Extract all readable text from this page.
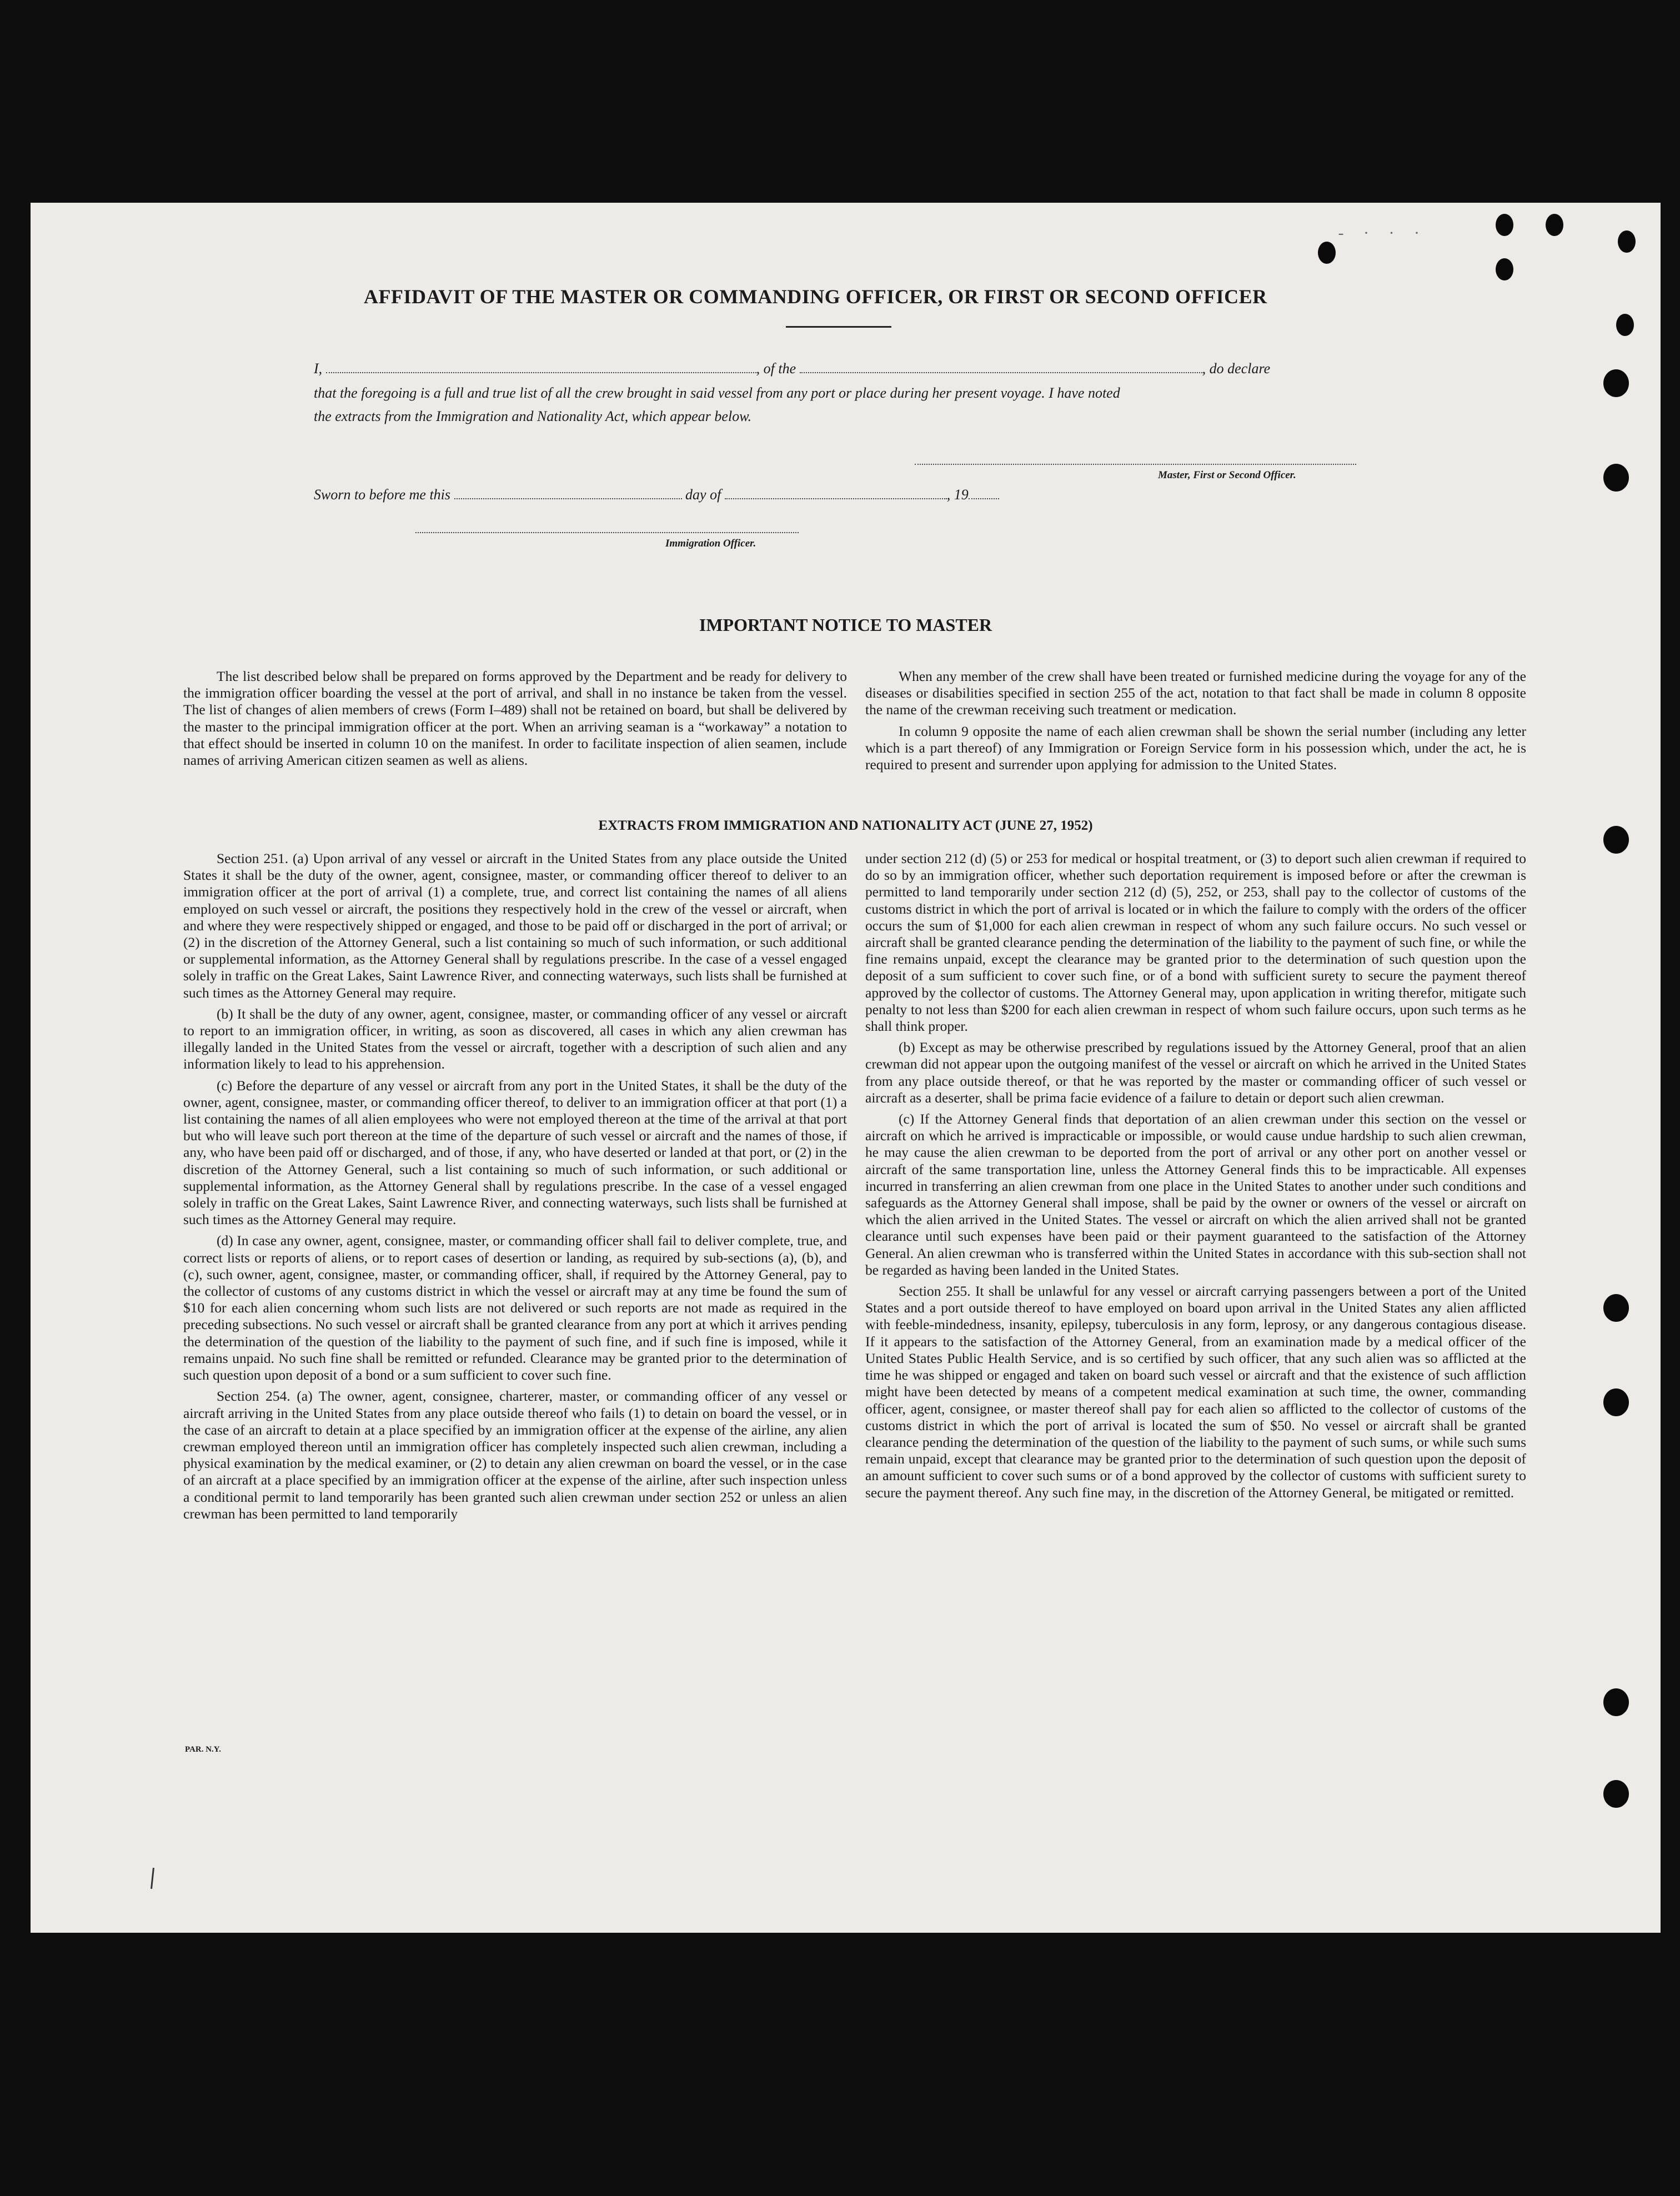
- · · ·
AFFIDAVIT OF THE MASTER OR COMMANDING OFFICER, OR FIRST OR SECOND OFFICER
I,	, of the	, do declare
that the foregoing is a full and true list of all the crew brought in said vessel from any port or place during her present voyage. I have noted
the extracts from the Immigration and Nationality Act, which appear below.
Master, First or Second Officer.
Sworn to before me this	day of	, 19
Immigration Officer.
IMPORTANT NOTICE TO MASTER

The list described below shall be prepared on forms approved by the Department and be ready for delivery to the immigration officer boarding the vessel at the port of arrival, and shall in no instance be taken from the vessel. The list of changes of alien members of crews (Form I–489) shall not be retained on board, but shall be delivered by the master to the principal immigration officer at the port. When an arriving seaman is a “workaway” a notation to that effect should be inserted in column 10 on the manifest. In order to facilitate inspection of alien seamen, include names of arriving American citizen seamen as well as aliens.

When any member of the crew shall have been treated or furnished medicine during the voyage for any of the diseases or disabilities specified in section 255 of the act, notation to that fact shall be made in column 8 opposite the name of the crewman receiving such treatment or medication.

In column 9 opposite the name of each alien crewman shall be shown the serial number (including any letter which is a part thereof) of any Immigration or Foreign Service form in his possession which, under the act, he is required to present and surrender upon applying for admission to the United States.

EXTRACTS FROM IMMIGRATION AND NATIONALITY ACT (JUNE 27, 1952)

Section 251. (a) Upon arrival of any vessel or aircraft in the United States from any place outside the United States it shall be the duty of the owner, agent, consignee, master, or commanding officer thereof to deliver to an immigration officer at the port of arrival (1) a complete, true, and correct list containing the names of all aliens employed on such vessel or aircraft, the positions they respectively hold in the crew of the vessel or aircraft, when and where they were respectively shipped or engaged, and those to be paid off or discharged in the port of arrival; or (2) in the discretion of the Attorney General, such a list containing so much of such information, or such additional or supplemental information, as the Attorney General shall by regulations prescribe. In the case of a vessel engaged solely in traffic on the Great Lakes, Saint Lawrence River, and connecting waterways, such lists shall be furnished at such times as the Attorney General may require.

(b) It shall be the duty of any owner, agent, consignee, master, or commanding officer of any vessel or aircraft to report to an immigration officer, in writing, as soon as discovered, all cases in which any alien crewman has illegally landed in the United States from the vessel or aircraft, together with a description of such alien and any information likely to lead to his apprehension.

(c) Before the departure of any vessel or aircraft from any port in the United States, it shall be the duty of the owner, agent, consignee, master, or commanding officer thereof, to deliver to an immigration officer at that port (1) a list containing the names of all alien employees who were not employed thereon at the time of the arrival at that port but who will leave such port thereon at the time of the departure of such vessel or aircraft and the names of those, if any, who have been paid off or discharged, and of those, if any, who have deserted or landed at that port, or (2) in the discretion of the Attorney General, such a list containing so much of such information, or such additional or supplemental information, as the Attorney General shall by regulations prescribe. In the case of a vessel engaged solely in traffic on the Great Lakes, Saint Lawrence River, and connecting waterways, such lists shall be furnished at such times as the Attorney General may require.

(d) In case any owner, agent, consignee, master, or commanding officer shall fail to deliver complete, true, and correct lists or reports of aliens, or to report cases of desertion or landing, as required by sub-sections (a), (b), and (c), such owner, agent, consignee, master, or commanding officer, shall, if required by the Attorney General, pay to the collector of customs of any customs district in which the vessel or aircraft may at any time be found the sum of $10 for each alien concerning whom such lists are not delivered or such reports are not made as required in the preceding subsections. No such vessel or aircraft shall be granted clearance from any port at which it arrives pending the determination of the question of the liability to the payment of such fine, and if such fine is imposed, while it remains unpaid. No such fine shall be remitted or refunded. Clearance may be granted prior to the determination of such question upon deposit of a bond or a sum sufficient to cover such fine.

Section 254. (a) The owner, agent, consignee, charterer, master, or commanding officer of any vessel or aircraft arriving in the United States from any place outside thereof who fails (1) to detain on board the vessel, or in the case of an aircraft to detain at a place specified by an immigration officer at the expense of the airline, any alien crewman employed thereon until an immigration officer has completely inspected such alien crewman, including a physical examination by the medical examiner, or (2) to detain any alien crewman on board the vessel, or in the case of an aircraft at a place specified by an immigration officer at the expense of the airline, after such inspection unless a conditional permit to land temporarily has been granted such alien crewman under section 252 or unless an alien crewman has been permitted to land temporarily

under section 212 (d) (5) or 253 for medical or hospital treatment, or (3) to deport such alien crewman if required to do so by an immigration officer, whether such deportation requirement is imposed before or after the crewman is permitted to land temporarily under section 212 (d) (5), 252, or 253, shall pay to the collector of customs of the customs district in which the port of arrival is located or in which the failure to comply with the orders of the officer occurs the sum of $1,000 for each alien crewman in respect of whom any such failure occurs. No such vessel or aircraft shall be granted clearance pending the determination of the liability to the payment of such fine, or while the fine remains unpaid, except the clearance may be granted prior to the determination of such question upon the deposit of a sum sufficient to cover such fine, or of a bond with sufficient surety to secure the payment thereof approved by the collector of customs. The Attorney General may, upon application in writing therefor, mitigate such penalty to not less than $200 for each alien crewman in respect of whom such failure occurs, upon such terms as he shall think proper.

(b) Except as may be otherwise prescribed by regulations issued by the Attorney General, proof that an alien crewman did not appear upon the outgoing manifest of the vessel or aircraft on which he arrived in the United States from any place outside thereof, or that he was reported by the master or commanding officer of such vessel or aircraft as a deserter, shall be prima facie evidence of a failure to detain or deport such alien crewman.

(c) If the Attorney General finds that deportation of an alien crewman under this section on the vessel or aircraft on which he arrived is impracticable or impossible, or would cause undue hardship to such alien crewman, he may cause the alien crewman to be deported from the port of arrival or any other port on another vessel or aircraft of the same transportation line, unless the Attorney General finds this to be impracticable. All expenses incurred in transferring an alien crewman from one place in the United States to another under such conditions and safeguards as the Attorney General shall impose, shall be paid by the owner or owners of the vessel or aircraft on which the alien arrived in the United States. The vessel or aircraft on which the alien arrived shall not be granted clearance until such expenses have been paid or their payment guaranteed to the satisfaction of the Attorney General. An alien crewman who is transferred within the United States in accordance with this sub-section shall not be regarded as having been landed in the United States.

Section 255. It shall be unlawful for any vessel or aircraft carrying passengers between a port of the United States and a port outside thereof to have employed on board upon arrival in the United States any alien afflicted with feeble-mindedness, insanity, epilepsy, tuberculosis in any form, leprosy, or any dangerous contagious disease. If it appears to the satisfaction of the Attorney General, from an examination made by a medical officer of the United States Public Health Service, and is so certified by such officer, that any such alien was so afflicted at the time he was shipped or engaged and taken on board such vessel or aircraft and that the existence of such affliction might have been detected by means of a competent medical examination at such time, the owner, commanding officer, agent, consignee, or master thereof shall pay for each alien so afflicted to the collector of customs of the customs district in which the port of arrival is located the sum of $50. No vessel or aircraft shall be granted clearance pending the determination of the question of the liability to the payment of such sums, or while such sums remain unpaid, except that clearance may be granted prior to the determination of such question upon the deposit of an amount sufficient to cover such sums or of a bond approved by the collector of customs with sufficient surety to secure the payment thereof. Any such fine may, in the discretion of the Attorney General, be mitigated or remitted.

PAR. N.Y.
